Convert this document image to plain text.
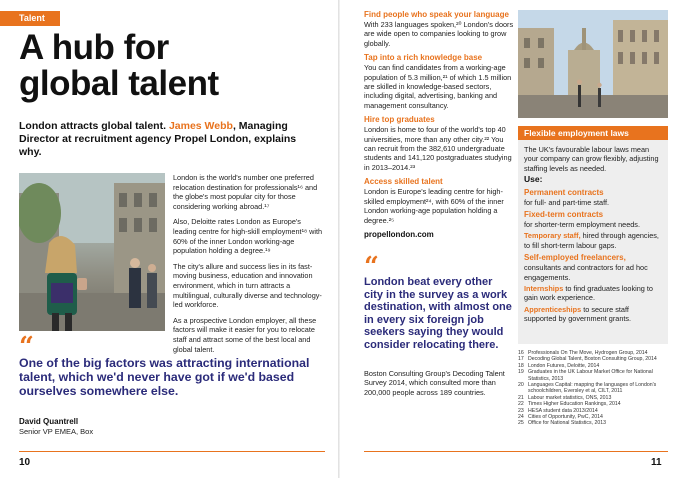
Talent
A hub for
global talent

London attracts global talent. James Webb, Managing Director at recruitment agency Propel London, explains why.

London is the world's number one preferred relocation destination for professionals¹⁶ and the globe's most popular city for those considering working abroad.¹⁷

Also, Deloitte rates London as Europe's leading centre for high-skill employment¹⁸ with 60% of the inner London working-age population holding a degree.¹⁹

The city's allure and success lies in its fast-moving business, education and innovation environment, which in turn attracts a multilingual, culturally diverse and technology-led workforce.

As a prospective London employer, all these factors will make it easier for you to relocate staff and attract some of the best local and global talent.

“
One of the big factors was attracting international talent, which we'd never have got if we'd based ourselves somewhere else.
David Quantrell
Senior VP EMEA, Box
10
Find people who speak your language

With 233 languages spoken,²⁰ London's doors are wide open to companies looking to grow globally.

Tap into a rich knowledge base

You can find candidates from a working-age population of 5.3 million,²¹ of which 1.5 million are skilled in knowledge-based sectors, including digital, advertising, banking and management consultancy.

Hire top graduates

London is home to four of the world's top 40 universities, more than any other city.²² You can recruit from the 382,610 undergraduate students and 141,120 postgraduates studying in 2013–2014.²³

Access skilled talent

London is Europe's leading centre for high-skilled employment²⁴, with 60% of the inner London working-age population holding a degree.²⁵

propellondon.com
“
London beat every other city in the survey as a work destination, with almost one in every six foreign job seekers saying they would consider relocating there.
Boston Consulting Group's Decoding Talent Survey 2014, which consulted more than 200,000 people across 189 countries.
Flexible employment laws

The UK's favourable labour laws mean your company can grow flexibly, adjusting staffing levels as needed.

Use:
Permanent contracts

for full- and part-time staff.

Fixed-term contracts

for shorter-term employment needs.

Temporary staff, hired through agencies, to fill short-term labour gaps.

Self-employed freelancers,

consultants and contractors for ad hoc engagements.

Internships to find graduates looking to gain work experience.

Apprenticeships to secure staff supported by government grants.

16 Professionals On The Move, Hydrogen Group, 2014
17 Decoding Global Talent, Boston Consulting Group, 2014
18 London Futures, Deloitte, 2014
19 Graduates in the UK Labour Market Office for National Statistics, 2013
20 Languages Capital: mapping the languages of London's schoolchildren, Eversley et al, CILT, 2011
21 Labour market statistics, ONS, 2013
22 Times Higher Education Rankings, 2014
23 HESA student data 2013/2014
24 Cities of Opportunity, PwC, 2014
25 Office for National Statistics, 2013
11
